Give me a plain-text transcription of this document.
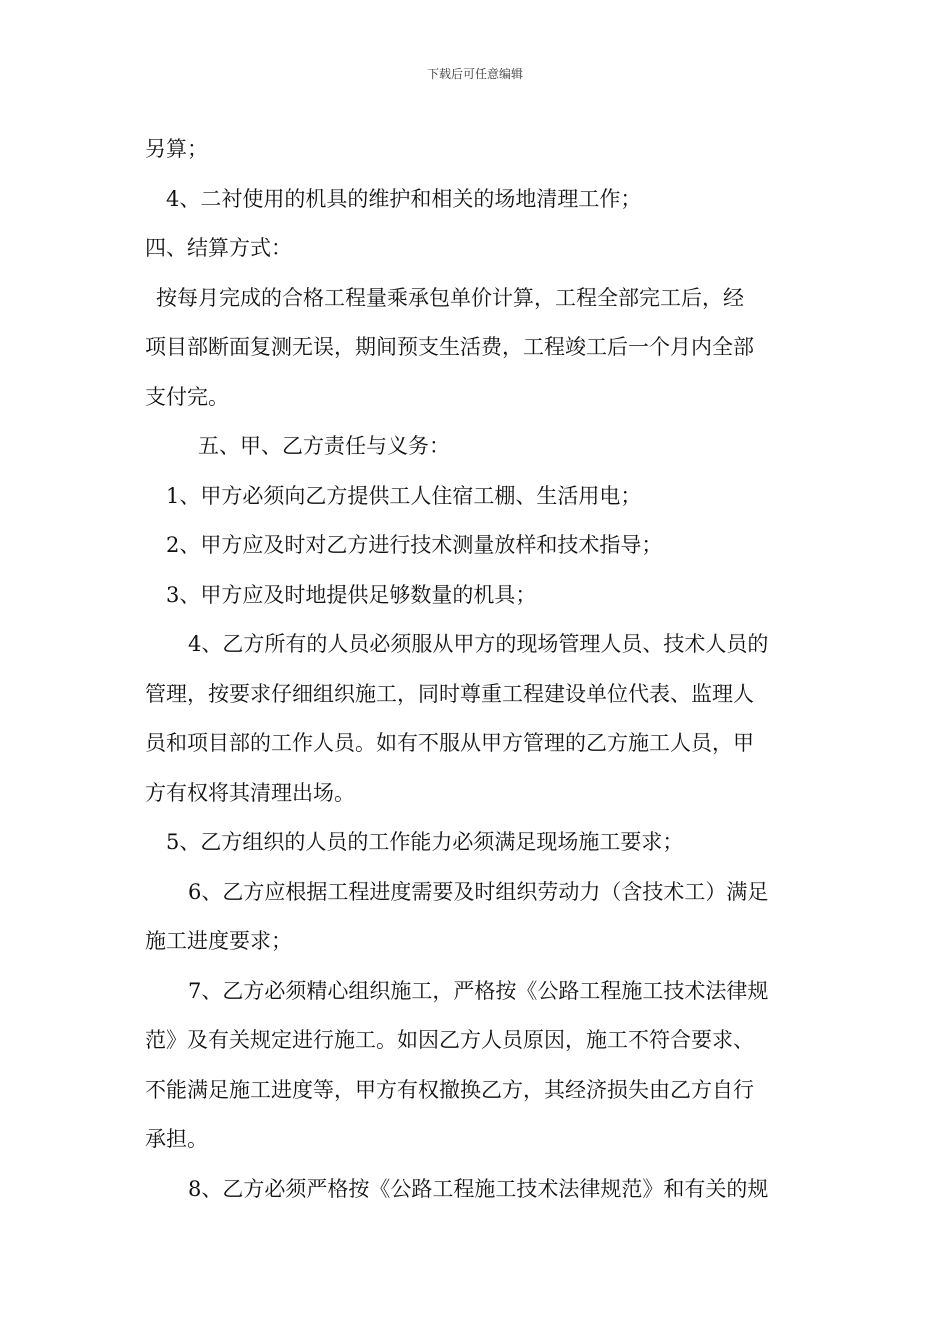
下载后可任意编辑
另算；
4、二衬使用的机具的维护和相关的场地清理工作；
四、结算方式：
按每月完成的合格工程量乘承包单价计算，工程全部完工后，经
项目部断面复测无误，期间预支生活费，工程竣工后一个月内全部
支付完。
五、甲、乙方责任与义务：
1、甲方必须向乙方提供工人住宿工棚、生活用电；
2、甲方应及时对乙方进行技术测量放样和技术指导；
3、甲方应及时地提供足够数量的机具；
4、乙方所有的人员必须服从甲方的现场管理人员、技术人员的
管理，按要求仔细组织施工，同时尊重工程建设单位代表、监理人
员和项目部的工作人员。如有不服从甲方管理的乙方施工人员，甲
方有权将其清理出场。
5、乙方组织的人员的工作能力必须满足现场施工要求；
6、乙方应根据工程进度需要及时组织劳动力（含技术工）满足
施工进度要求；
7、乙方必须精心组织施工，严格按《公路工程施工技术法律规
范》及有关规定进行施工。如因乙方人员原因，施工不符合要求、
不能满足施工进度等，甲方有权撤换乙方，其经济损失由乙方自行
承担。
8、乙方必须严格按《公路工程施工技术法律规范》和有关的规
